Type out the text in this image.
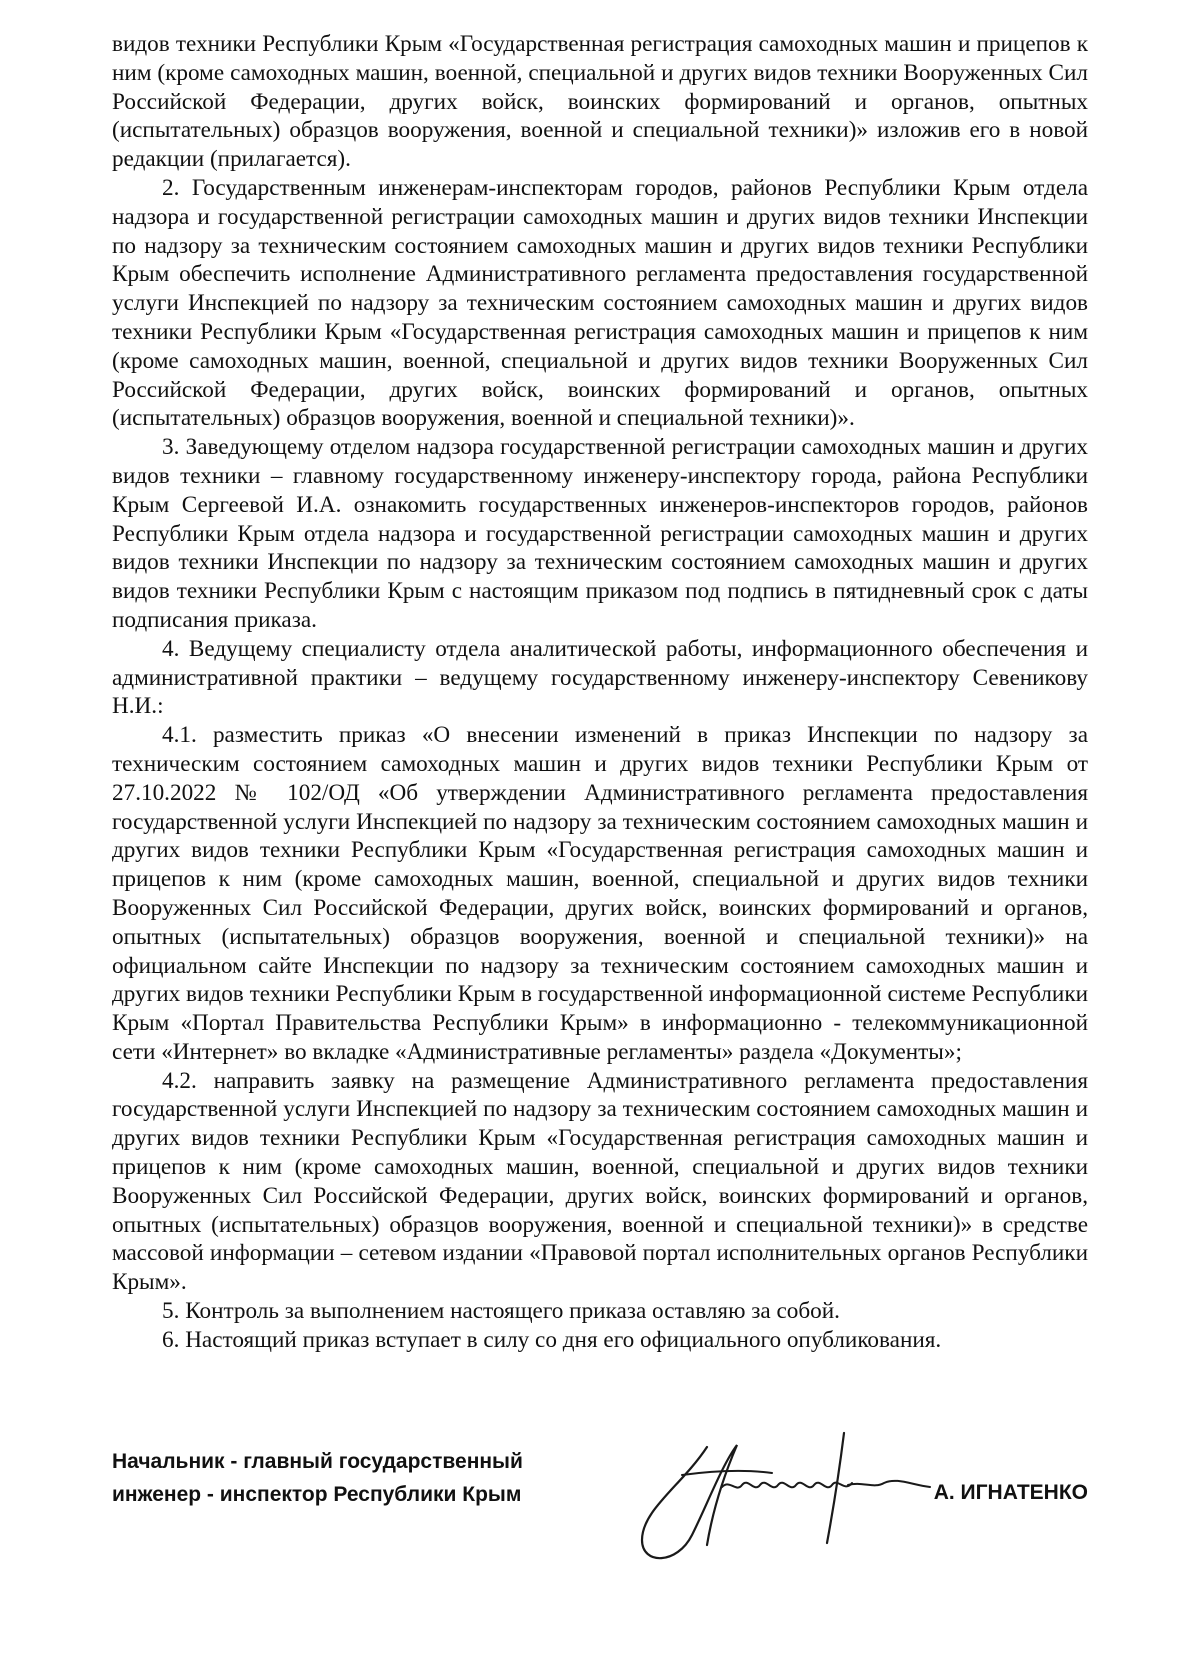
видов техники Республики Крым «Государственная регистрация самоходных машин и прицепов к ним (кроме самоходных машин, военной, специальной и других видов техники Вооруженных Сил Российской Федерации, других войск, воинских формирований и органов, опытных (испытательных) образцов вооружения, военной и специальной техники)» изложив его в новой редакции (прилагается).

2. Государственным инженерам-инспекторам городов, районов Республики Крым отдела надзора и государственной регистрации самоходных машин и других видов техники Инспекции по надзору за техническим состоянием самоходных машин и других видов техники Республики Крым обеспечить исполнение Административного регламента предоставления государственной услуги Инспекцией по надзору за техническим состоянием самоходных машин и других видов техники Республики Крым «Государственная регистрация самоходных машин и прицепов к ним (кроме самоходных машин, военной, специальной и других видов техники Вооруженных Сил Российской Федерации, других войск, воинских формирований и органов, опытных (испытательных) образцов вооружения, военной и специальной техники)».

3. Заведующему отделом надзора государственной регистрации самоходных машин и других видов техники – главному государственному инженеру-инспектору города, района Республики Крым Сергеевой И.А. ознакомить государственных инженеров-инспекторов городов, районов Республики Крым отдела надзора и государственной регистрации самоходных машин и других видов техники Инспекции по надзору за техническим состоянием самоходных машин и других видов техники Республики Крым с настоящим приказом под подпись в пятидневный срок с даты подписания приказа.

4. Ведущему специалисту отдела аналитической работы, информационного обеспечения и административной практики – ведущему государственному инженеру-инспектору Севеникову Н.И.:

4.1. разместить приказ «О внесении изменений в приказ Инспекции по надзору за техническим состоянием самоходных машин и других видов техники Республики Крым от 27.10.2022 № 102/ОД «Об утверждении Административного регламента предоставления государственной услуги Инспекцией по надзору за техническим состоянием самоходных машин и других видов техники Республики Крым «Государственная регистрация самоходных машин и прицепов к ним (кроме самоходных машин, военной, специальной и других видов техники Вооруженных Сил Российской Федерации, других войск, воинских формирований и органов, опытных (испытательных) образцов вооружения, военной и специальной техники)» на официальном сайте Инспекции по надзору за техническим состоянием самоходных машин и других видов техники Республики Крым в государственной информационной системе Республики Крым «Портал Правительства Республики Крым» в информационно - телекоммуникационной сети «Интернет» во вкладке «Административные регламенты» раздела «Документы»;

4.2. направить заявку на размещение Административного регламента предоставления государственной услуги Инспекцией по надзору за техническим состоянием самоходных машин и других видов техники Республики Крым «Государственная регистрация самоходных машин и прицепов к ним (кроме самоходных машин, военной, специальной и других видов техники Вооруженных Сил Российской Федерации, других войск, воинских формирований и органов, опытных (испытательных) образцов вооружения, военной и специальной техники)» в средстве массовой информации – сетевом издании «Правовой портал исполнительных органов Республики Крым».

5. Контроль за выполнением настоящего приказа оставляю за собой.

6. Настоящий приказ вступает в силу со дня его официального опубликования.

Начальник - главный государственный
инженер - инспектор Республики Крым	А. ИГНАТЕНКО
